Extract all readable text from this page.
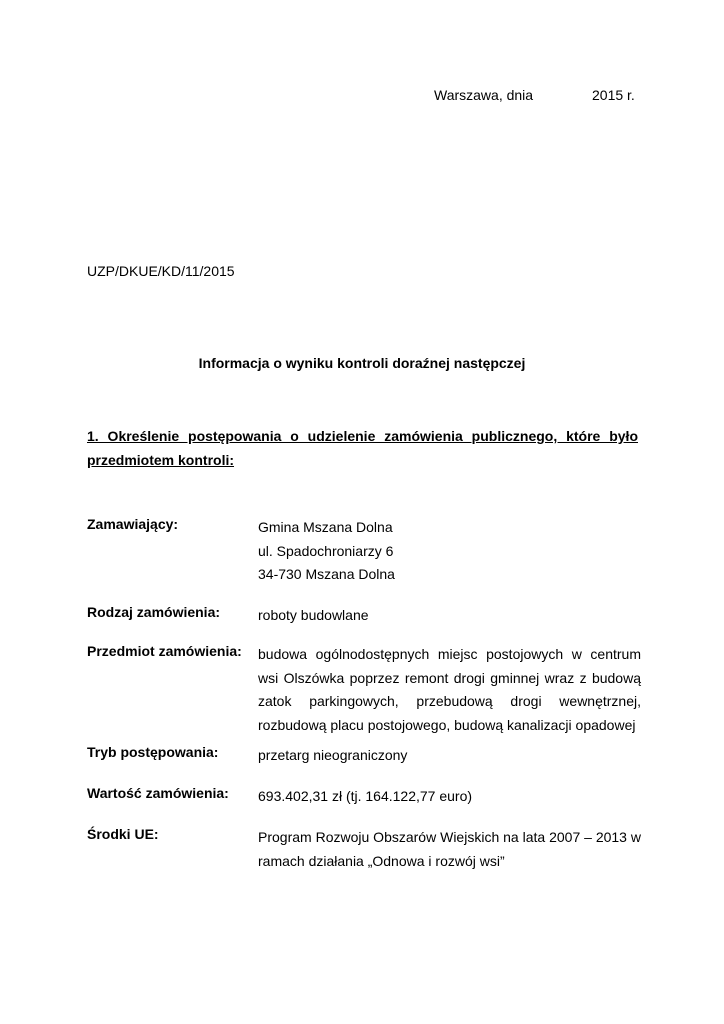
Warszawa, dnia	2015 r.
UZP/DKUE/KD/11/2015
Informacja o wyniku kontroli doraźnej następczej
1. Określenie postępowania o udzielenie zamówienia publicznego, które było przedmiotem kontroli:
Zamawiający:	Gmina Mszana Dolna
ul. Spadochroniarzy 6
34-730 Mszana Dolna
Rodzaj zamówienia:	roboty budowlane
Przedmiot zamówienia: budowa ogólnodostępnych miejsc postojowych w centrum wsi Olszówka poprzez remont drogi gminnej wraz z budową zatok parkingowych, przebudową drogi wewnętrznej, rozbudową placu postojowego, budową kanalizacji opadowej
Tryb postępowania:	przetarg nieograniczony
Wartość zamówienia: 693.402,31 zł (tj. 164.122,77 euro)
Środki UE:	Program Rozwoju Obszarów Wiejskich na lata 2007 – 2013 w ramach działania „Odnowa i rozwój wsi”
